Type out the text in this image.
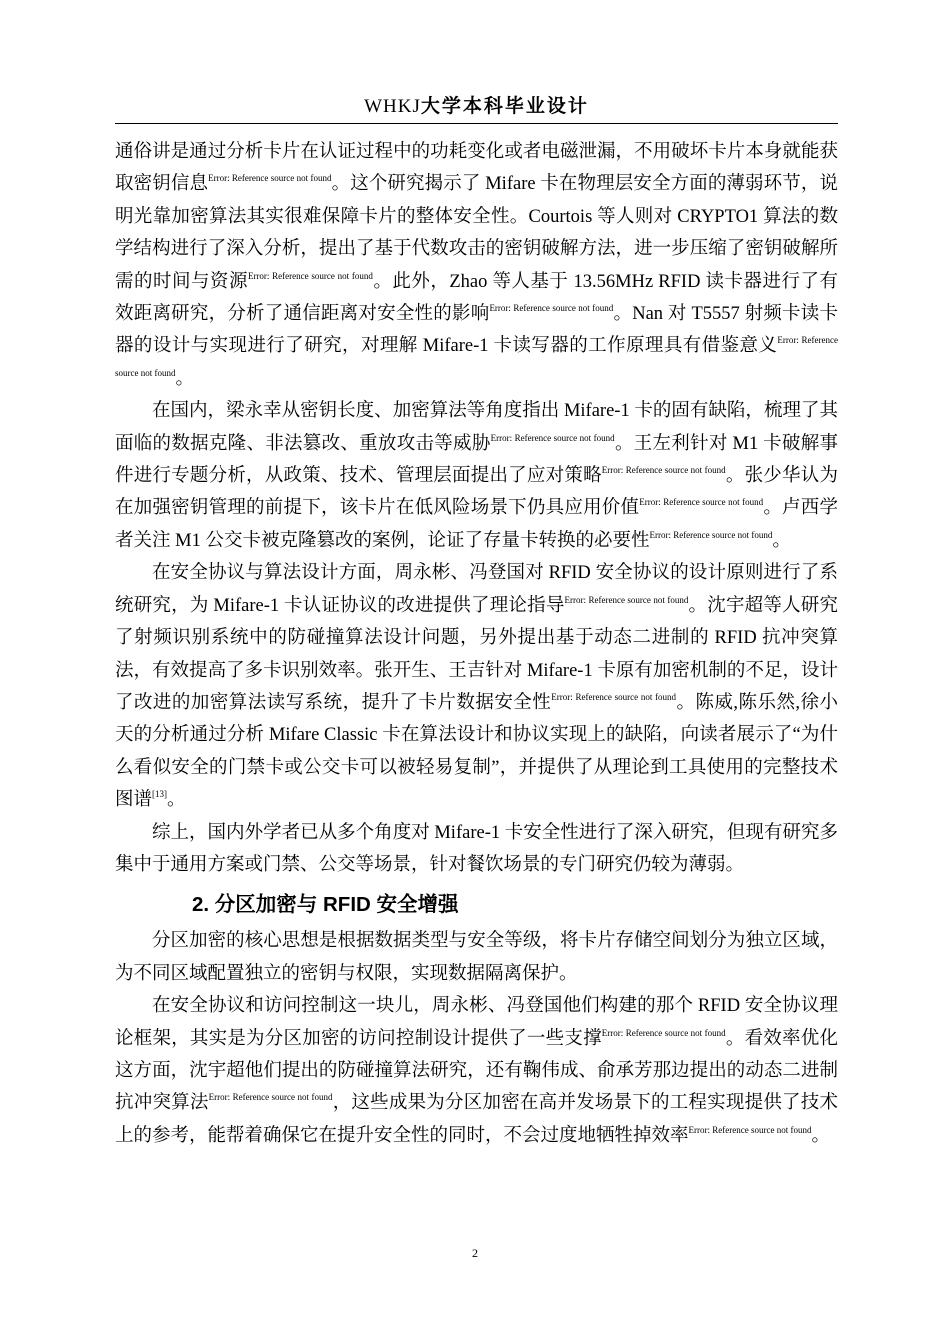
WHKJ大学本科毕业设计

通俗讲是通过分析卡片在认证过程中的功耗变化或者电磁泄漏，不用破坏卡片本身就能获取密钥信息$^{Error: Reference source not found}$。这个研究揭示了 Mifare 卡在物理层安全方面的薄弱环节，说明光靠加密算法其实很难保障卡片的整体安全性。Courtois 等人则对 CRYPTO1 算法的数学结构进行了深入分析，提出了基于代数攻击的密钥破解方法，进一步压缩了密钥破解所需的时间与资源$^{Error: Reference source not found}$。此外，Zhao 等人基于 13.56MHz RFID 读卡器进行了有效距离研究，分析了通信距离对安全性的影响$^{Error: Reference source not found}$。Nan 对 T5557 射频卡读卡器的设计与实现进行了研究，对理解 Mifare-1 卡读写器的工作原理具有借鉴意义$^{Error: Reference source not found}$。

在国内，梁永幸从密钥长度、加密算法等角度指出 Mifare-1 卡的固有缺陷，梳理了其面临的数据克隆、非法篡改、重放攻击等威胁$^{Error: Reference source not found}$。王左利针对 M1 卡破解事件进行专题分析，从政策、技术、管理层面提出了应对策略$^{Error: Reference source not found}$。张少华认为在加强密钥管理的前提下，该卡片在低风险场景下仍具应用价值$^{Error: Reference source not found}$。卢西学者关注 M1 公交卡被克隆篡改的案例，论证了存量卡转换的必要性$^{Error: Reference source not found}$。

在安全协议与算法设计方面，周永彬、冯登国对 RFID 安全协议的设计原则进行了系统研究，为 Mifare-1 卡认证协议的改进提供了理论指导$^{Error: Reference source not found}$。沈宇超等人研究了射频识别系统中的防碰撞算法设计问题，另外提出基于动态二进制的 RFID 抗冲突算法，有效提高了多卡识别效率。张开生、王吉针对 Mifare-1 卡原有加密机制的不足，设计了改进的加密算法读写系统，提升了卡片数据安全性$^{Error: Reference source not found}$。陈威,陈乐然,徐小天的分析通过分析 Mifare Classic 卡在算法设计和协议实现上的缺陷，向读者展示了“为什么看似安全的门禁卡或公交卡可以被轻易复制”，并提供了从理论到工具使用的完整技术图谱[13]。

综上，国内外学者已从多个角度对 Mifare-1 卡安全性进行了深入研究，但现有研究多集中于通用方案或门禁、公交等场景，针对餐饮场景的专门研究仍较为薄弱。

2. 分区加密与 RFID 安全增强

分区加密的核心思想是根据数据类型与安全等级，将卡片存储空间划分为独立区域，为不同区域配置独立的密钥与权限，实现数据隔离保护。

在安全协议和访问控制这一块儿，周永彬、冯登国他们构建的那个 RFID 安全协议理论框架，其实是为分区加密的访问控制设计提供了一些支撑$^{Error: Reference source not found}$。看效率优化这方面，沈宇超他们提出的防碰撞算法研究，还有鞠伟成、俞承芳那边提出的动态二进制抗冲突算法$^{Error: Reference source not found}$，这些成果为分区加密在高并发场景下的工程实现提供了技术上的参考，能帮着确保它在提升安全性的同时，不会过度地牺牲掉效率$^{Error: Reference source not found}$。

2
